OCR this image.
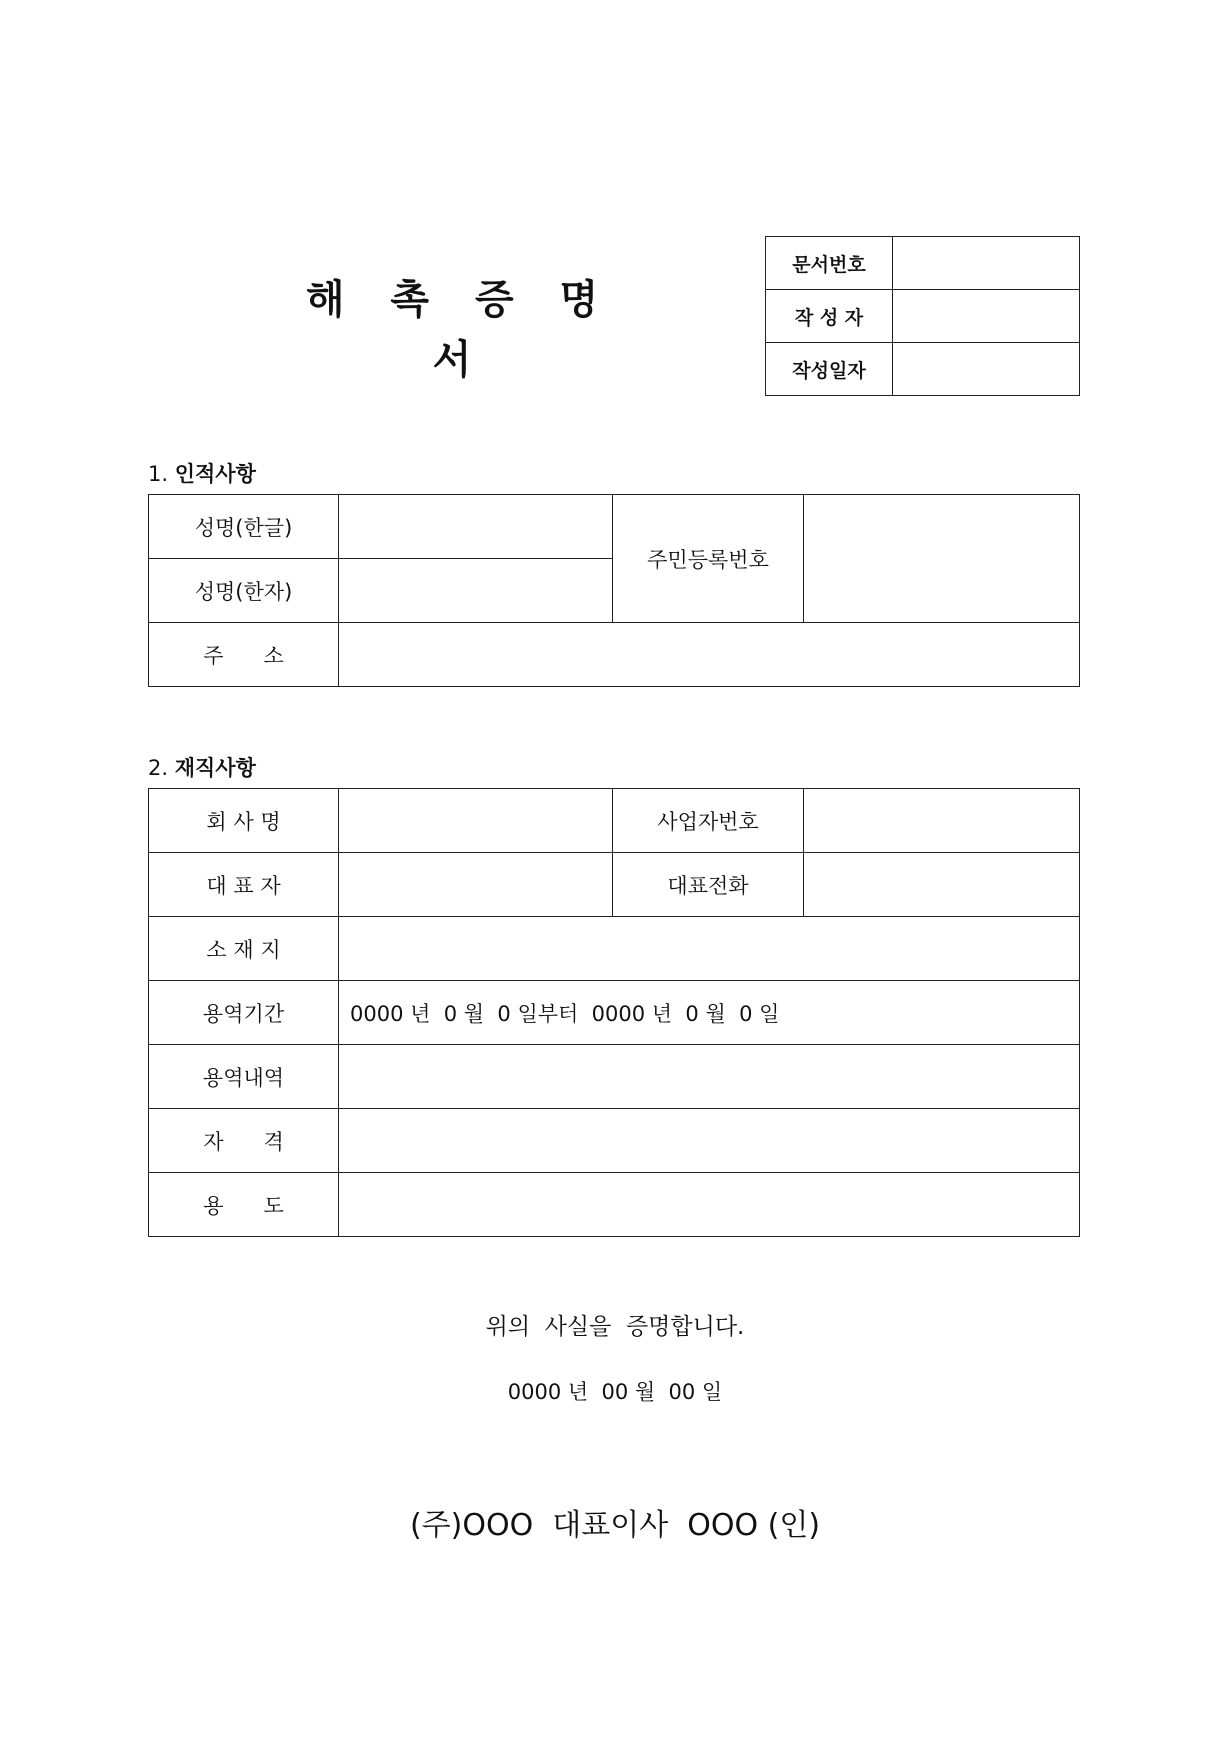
해 촉 증 명 서
문서번호	
작 성 자	
작성일자	
1. 인적사항
성명(한글)		주민등록번호	
성명(한자)			
주      소			
2. 재직사항
회 사 명		사업자번호	
대 표 자		대표전화	
소 재 지			
용역기간	0000 년  0 월  0 일부터  0000 년  0 월  0 일		
용역내역			
자      격			
용      도			
위의  사실을  증명합니다.
0000 년  00 월  00 일
(주)OOO  대표이사  OOO (인)
